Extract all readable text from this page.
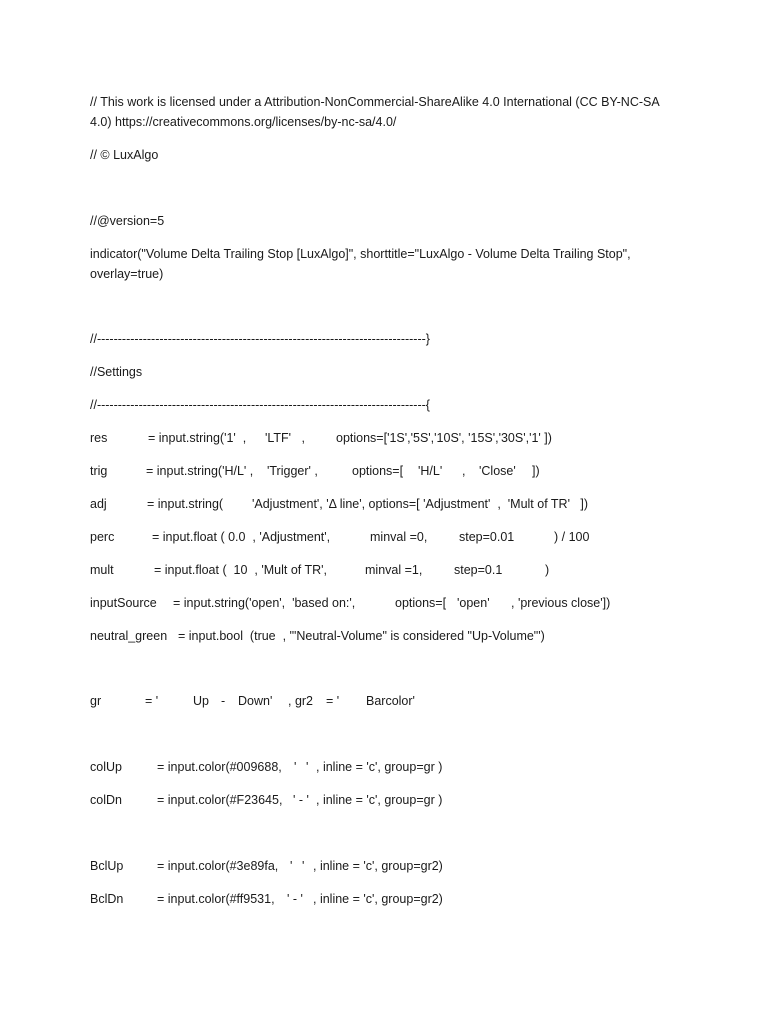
// This work is licensed under a Attribution-NonCommercial-ShareAlike 4.0 International (CC BY-NC-SA 4.0) https://creativecommons.org/licenses/by-nc-sa/4.0/
// © LuxAlgo
//@version=5
indicator("Volume Delta Trailing Stop [LuxAlgo]", shorttitle="LuxAlgo - Volume Delta Trailing Stop", overlay=true)
//-------------------------------------------------------------------------------}
//Settings
//-------------------------------------------------------------------------------{
res	= input.string('1'  , 'LTF'   , options=['1S','5S','10S', '15S','30S','1' ])
trig	= input.string('H/L' , 'Trigger' ,	options=[ 'H/L' , 'Close' ])
adj	= input.string( 'Adjustment', 'Δ line', options=[ 'Adjustment'  ,  'Mult of TR'   ])
perc	= input.float ( 0.0  , 'Adjustment',	minval =0,	step=0.01	) / 100
mult	= input.float (  10  , 'Mult of TR',	minval =1,	step=0.1	)
inputSource = input.string('open',  'based on:',	options=[ 'open' , 'previous close'])
neutral_green = input.bool  (true  , '"Neutral-Volume" is considered "Up-Volume"')
gr	= '	Up - Down' , gr2 = ' Barcolor'
colUp	= input.color(#009688, ' ' , inline = 'c', group=gr )
colDn	= input.color(#F23645, ' - ' , inline = 'c', group=gr )
BclUp	= input.color(#3e89fa, ' ' , inline = 'c', group=gr2)
BclDn	= input.color(#ff9531, ' - ' , inline = 'c', group=gr2)
